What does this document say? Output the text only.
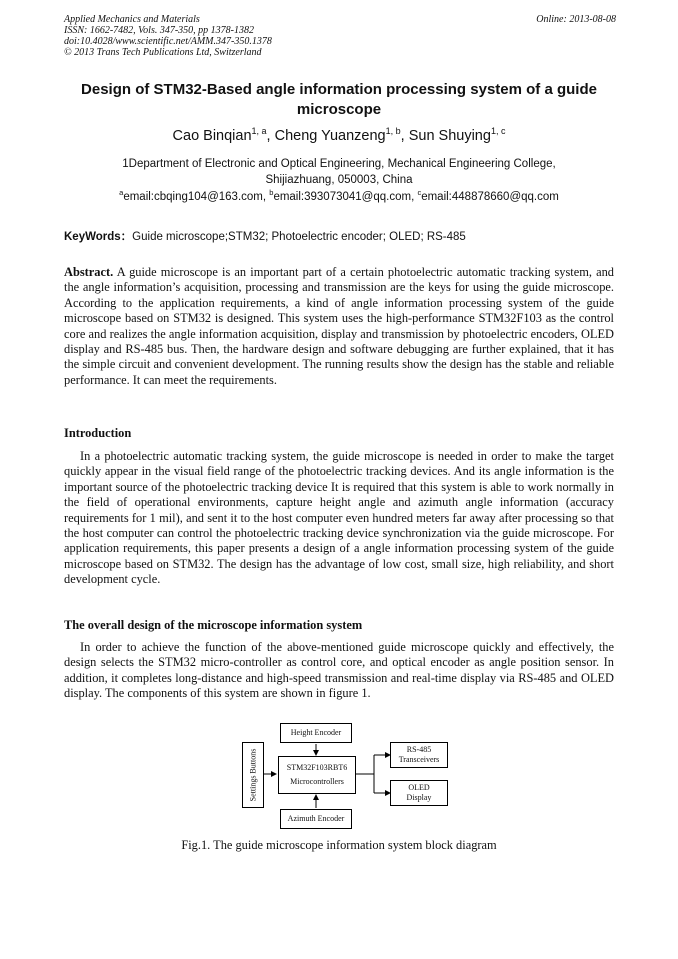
Applied Mechanics and Materials
ISSN: 1662-7482, Vols. 347-350, pp 1378-1382
doi:10.4028/www.scientific.net/AMM.347-350.1378
© 2013 Trans Tech Publications Ltd, Switzerland
Online: 2013-08-08
Design of STM32-Based angle information processing system of a guide microscope
Cao Binqian$^{1, a}$, Cheng Yuanzeng$^{1, b}$, Sun Shuying$^{1, c}$
1Department of Electronic and Optical Engineering, Mechanical Engineering College,
Shijiazhuang, 050003, China
$^a$email:cbqing104@163.com, $^b$email:393073041@qq.com, $^c$email:448878660@qq.com
KeyWords：Guide microscope;STM32; Photoelectric encoder; OLED; RS-485

Abstract. A guide microscope is an important part of a certain photoelectric automatic tracking system, and the angle information’s acquisition, processing and transmission are the keys for using the guide microscope. According to the application requirements, a kind of angle information processing system of the guide microscope based on STM32 is designed. This system uses the high-performance STM32F103 as the control core and realizes the angle information acquisition, display and transmission by photoelectric encoders, OLED display and RS-485 bus. Then, the hardware design and software debugging are further explained, that it has the simple circuit and convenient development. The running results show the design has the stable and reliable performance. It can meet the requirements.

Introduction

In a photoelectric automatic tracking system, the guide microscope is needed in order to make the target quickly appear in the visual field range of the photoelectric tracking devices. And its angle information is the important source of the photoelectric tracking device It is required that this system is able to work normally in the field of operational environments, capture height angle and azimuth angle information (accuracy requirements for 1 mil), and sent it to the host computer even hundred meters far away after processing so that the host computer can control the photoelectric tracking device synchronization via the guide microscope. For application requirements, this paper presents a design of a angle information processing system of the guide microscope based on STM32. The design has the advantage of low cost, small size, high reliability, and short development cycle.

The overall design of the microscope information system

In order to achieve the function of the above-mentioned guide microscope quickly and effectively, the design selects the STM32 micro-controller as control core, and optical encoder as angle position sensor. In addition, it completes long-distance and high-speed transmission and real-time display via RS-485 and OLED display. The components of this system are shown in figure 1.

Settings Buttons
Height Encoder
STM32F103RBT6
Microcontrollers
Azimuth Encoder
RS-485
Transceivers
OLED
Display
Fig.1. The guide microscope information system block diagram
